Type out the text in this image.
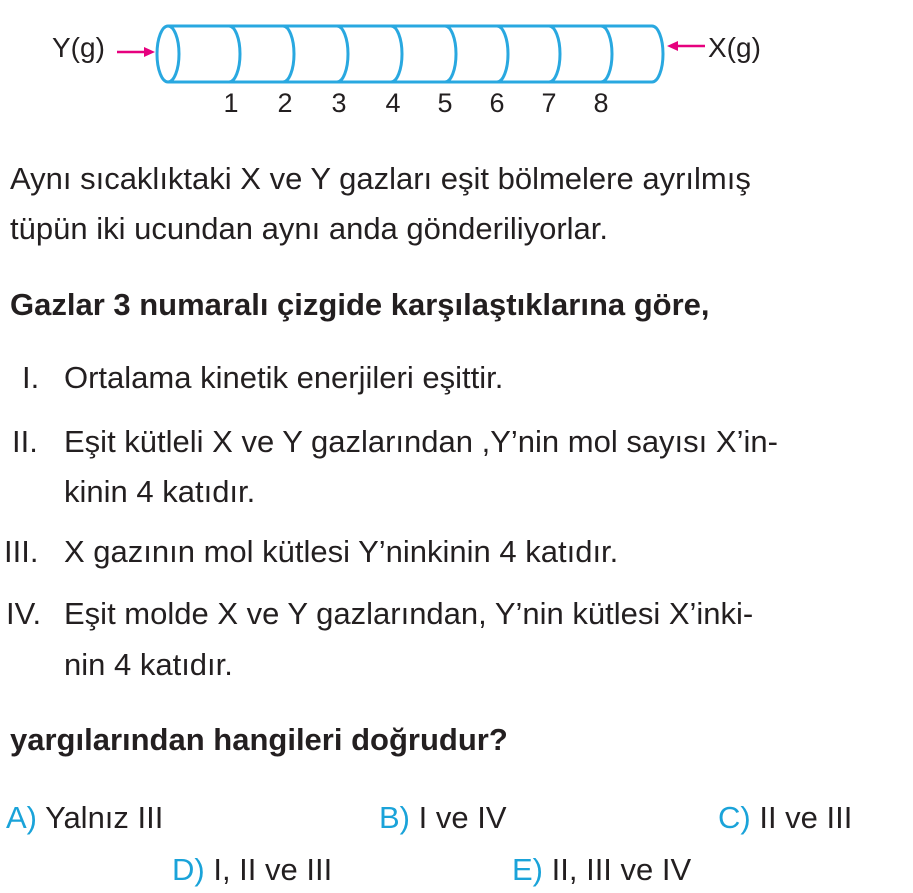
Y(g)	X(g)
1 2 3 4 5 6 7 8
Aynı sıcaklıktaki X ve Y gazları eşit bölmelere ayrılmış
tüpün iki ucundan aynı anda gönderiliyorlar.
Gazlar 3 numaralı çizgide karşılaştıklarına göre,
I. Ortalama kinetik enerjileri eşittir.
II. Eşit kütleli X ve Y gazlarından ,Y’nin mol sayısı X’in-
kinin 4 katıdır.
III. X gazının mol kütlesi Y’ninkinin 4 katıdır.
IV. Eşit molde X ve Y gazlarından, Y’nin kütlesi X’inki-
nin 4 katıdır.
yargılarından hangileri doğrudur?
A) Yalnız III	B) I ve IV	C) II ve III
D) I, II ve III	E) II, III ve IV
